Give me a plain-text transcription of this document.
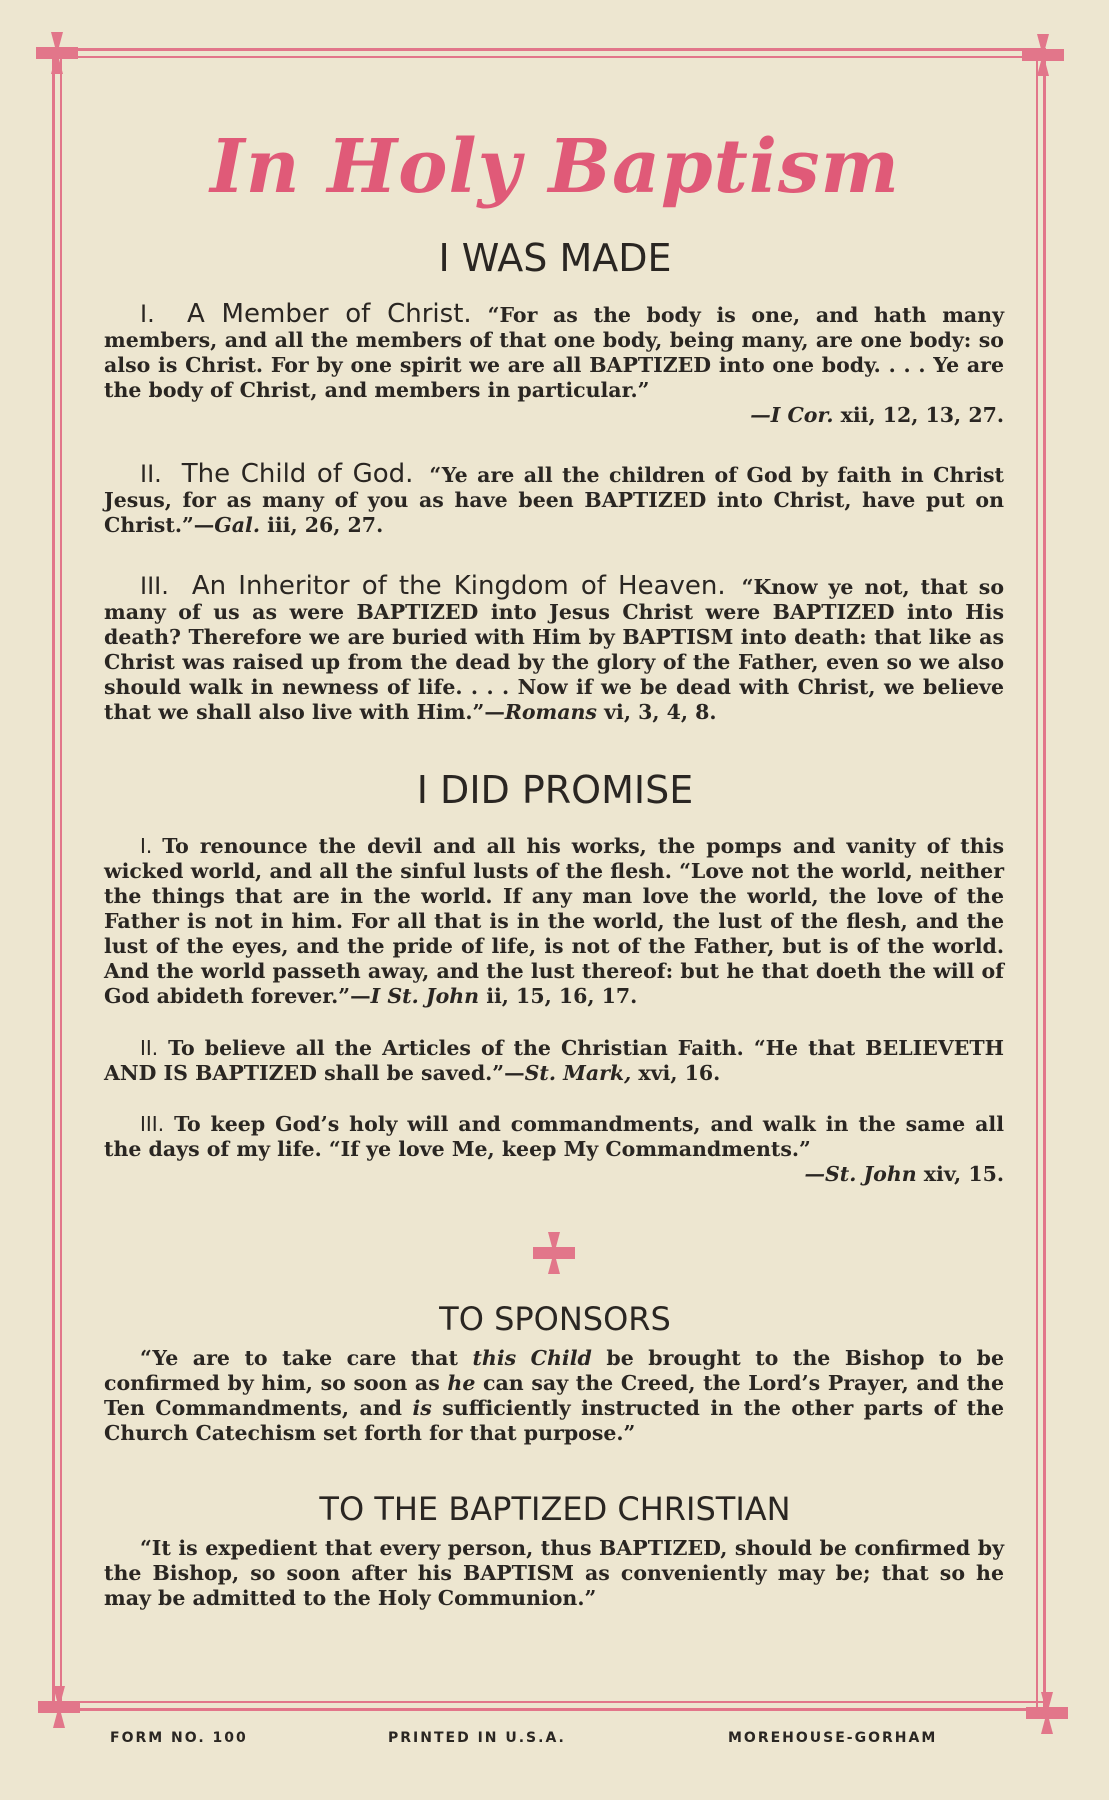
In Holy Baptism
I WAS MADE
I. A Member of Christ. “For as the body is one, and hath many members, and all the members of that one body, being many, are one body: so also is Christ. For by one spirit we are all BAPTIZED into one body. . . . Ye are the body of Christ, and members in particular.”
—I Cor. xii, 12, 13, 27.
II. The Child of God. “Ye are all the children of God by faith in Christ Jesus, for as many of you as have been BAPTIZED into Christ, have put on Christ.”—Gal. iii, 26, 27.
III. An Inheritor of the Kingdom of Heaven. “Know ye not, that so many of us as were BAPTIZED into Jesus Christ were BAPTIZED into His death? Therefore we are buried with Him by BAPTISM into death: that like as Christ was raised up from the dead by the glory of the Father, even so we also should walk in newness of life. . . . Now if we be dead with Christ, we believe that we shall also live with Him.”—Romans vi, 3, 4, 8.
I DID PROMISE
I. To renounce the devil and all his works, the pomps and vanity of this wicked world, and all the sinful lusts of the flesh. “Love not the world, neither the things that are in the world. If any man love the world, the love of the Father is not in him. For all that is in the world, the lust of the flesh, and the lust of the eyes, and the pride of life, is not of the Father, but is of the world. And the world passeth away, and the lust thereof: but he that doeth the will of God abideth forever.”—I St. John ii, 15, 16, 17.
II. To believe all the Articles of the Christian Faith. “He that BELIEVETH AND IS BAPTIZED shall be saved.”—St. Mark, xvi, 16.
III. To keep God’s holy will and commandments, and walk in the same all the days of my life. “If ye love Me, keep My Commandments.”
—St. John xiv, 15.
TO SPONSORS
“Ye are to take care that this Child be brought to the Bishop to be confirmed by him, so soon as he can say the Creed, the Lord’s Prayer, and the Ten Commandments, and is sufficiently instructed in the other parts of the Church Catechism set forth for that purpose.”
TO THE BAPTIZED CHRISTIAN
“It is expedient that every person, thus BAPTIZED, should be confirmed by the Bishop, so soon after his BAPTISM as conveniently may be; that so he may be admitted to the Holy Communion.”
FORM NO. 100	PRINTED IN U.S.A.	MOREHOUSE-GORHAM
